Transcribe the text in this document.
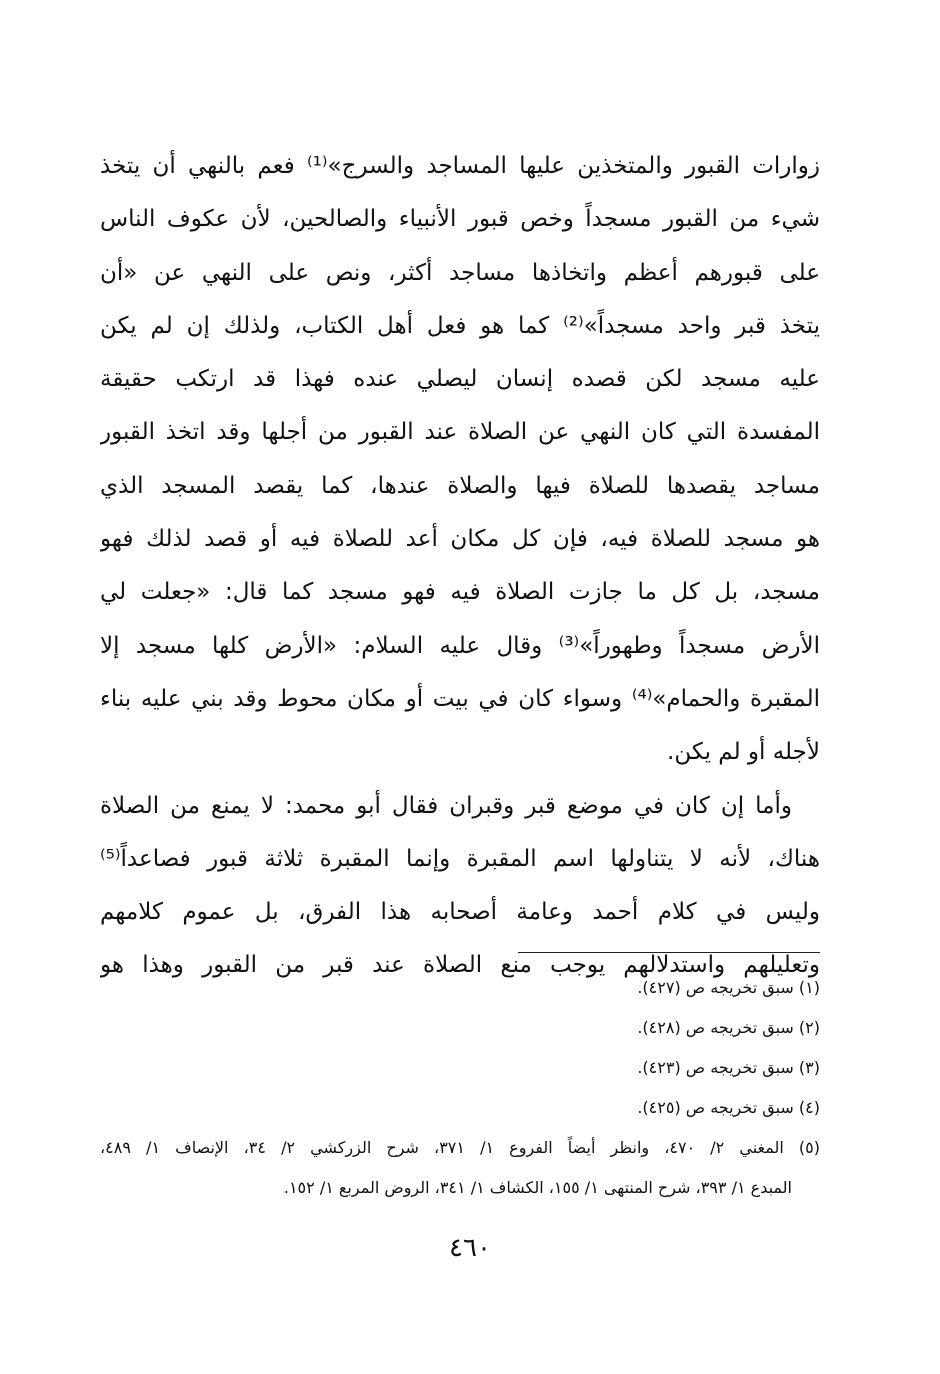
زوارات القبور والمتخذين عليها المساجد والسرج»⁽¹⁾ فعم بالنهي أن يتخذ
شيء من القبور مسجداً وخص قبور الأنبياء والصالحين، لأن عكوف الناس
على قبورهم أعظم واتخاذها مساجد أكثر، ونص على النهي عن «أن
يتخذ قبر واحد مسجداً»⁽²⁾ كما هو فعل أهل الكتاب، ولذلك إن لم يكن
عليه مسجد لكن قصده إنسان ليصلي عنده فهذا قد ارتكب حقيقة
المفسدة التي كان النهي عن الصلاة عند القبور من أجلها وقد اتخذ القبور
مساجد يقصدها للصلاة فيها والصلاة عندها، كما يقصد المسجد الذي
هو مسجد للصلاة فيه، فإن كل مكان أعد للصلاة فيه أو قصد لذلك فهو
مسجد، بل كل ما جازت الصلاة فيه فهو مسجد كما قال: «جعلت لي
الأرض مسجداً وطهوراً»⁽³⁾ وقال عليه السلام: «الأرض كلها مسجد إلا
المقبرة والحمام»⁽⁴⁾ وسواء كان في بيت أو مكان محوط وقد بني عليه بناء
لأجله أو لم يكن.
وأما إن كان في موضع قبر وقبران فقال أبو محمد: لا يمنع من الصلاة
هناك، لأنه لا يتناولها اسم المقبرة وإنما المقبرة ثلاثة قبور فصاعداً⁽⁵⁾
وليس في كلام أحمد وعامة أصحابه هذا الفرق، بل عموم كلامهم
وتعليلهم واستدلالهم يوجب منع الصلاة عند قبر من القبور وهذا هو
(١) سبق تخريجه ص (٤٢٧).
(٢) سبق تخريجه ص (٤٢٨).
(٣) سبق تخريجه ص (٤٢٣).
(٤) سبق تخريجه ص (٤٢٥).
(٥) المغني ٢/ ٤٧٠، وانظر أيضاً الفروع ١/ ٣٧١، شرح الزركشي ٢/ ٣٤، الإنصاف ١/ ٤٨٩،
المبدع ١/ ٣٩٣، شرح المنتهى ١/ ١٥٥، الكشاف ١/ ٣٤١، الروض المربع ١/ ١٥٢.
٤٦٠
